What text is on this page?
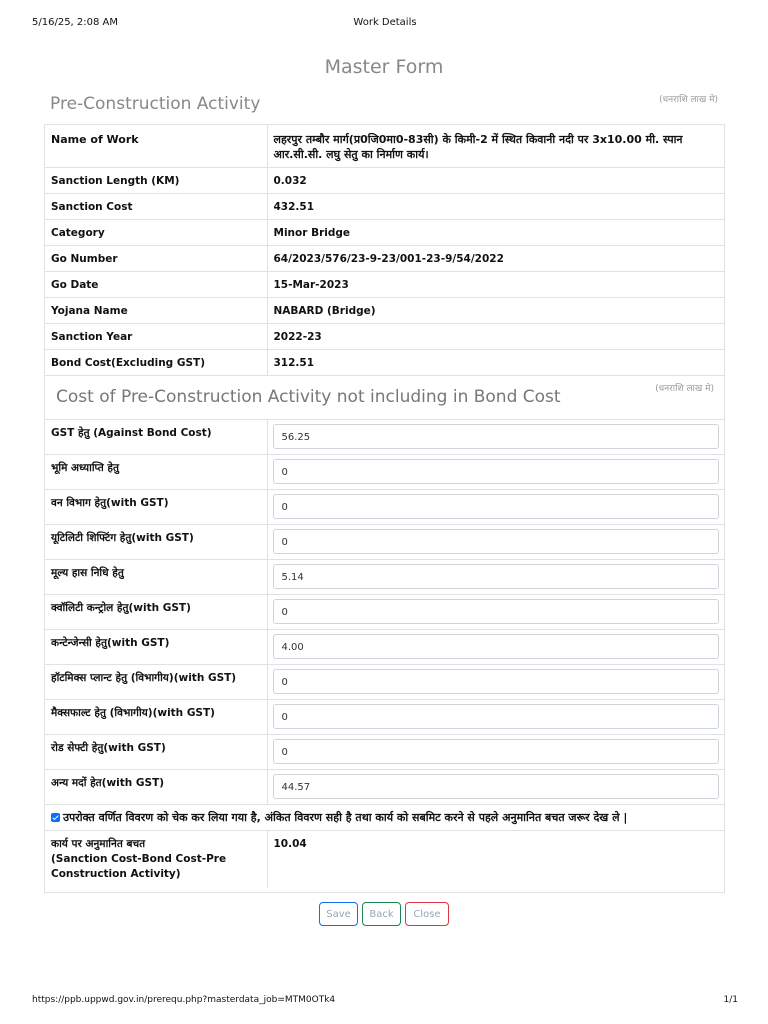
5/16/25, 2:08 AM	Work Details
Master Form
Pre-Construction Activity	(धनराशि लाख मे)
Name of Work	लहरपुर तम्बौर मार्ग(प्र0जि0मा0-83सी) के किमी-2 में स्थित किवानी नदी पर 3x10.00 मी. स्पान आर.सी.सी. लघु सेतु का निर्माण कार्य।
Sanction Length (KM)	0.032
Sanction Cost	432.51
Category	Minor Bridge
Go Number	64/2023/576/23-9-23/001-23-9/54/2022
Go Date	15-Mar-2023
Yojana Name	NABARD (Bridge)
Sanction Year	2022-23
Bond Cost(Excluding GST)	312.51
Cost of Pre-Construction Activity not including in Bond Cost	(धनराशि लाख मे)
GST हेतु (Against Bond Cost)	56.25

भूमि अध्याप्ति हेतु	0

वन विभाग हेतु(with GST)	0

यूटिलिटी शिफ्टिंग हेतु(with GST)	0

मूल्य हास निधि हेतु	5.14

क्वॉलिटी कन्ट्रोल हेतु(with GST)	0

कन्टेन्जेन्सी हेतु(with GST)	4.00

हॉटमिक्स प्लान्ट हेतु (विभागीय)(with GST)	0

मैक्सफाल्ट हेतु (विभागीय)(with GST)	0

रोड सेफ्टी हेतु(with GST)	0

अन्य मदों हेत(with GST)	44.57
उपरोक्त वर्णित विवरण को चेक कर लिया गया है, अंकित विवरण सही है तथा कार्य को सबमिट करने से पहले अनुमानित बचत जरूर देख ले |
कार्य पर अनुमानित बचत
(Sanction Cost-Bond Cost-Pre Construction Activity)
	10.04
Save	Back	Close
https://ppb.uppwd.gov.in/prerequ.php?masterdata_job=MTM0OTk4	1/1
